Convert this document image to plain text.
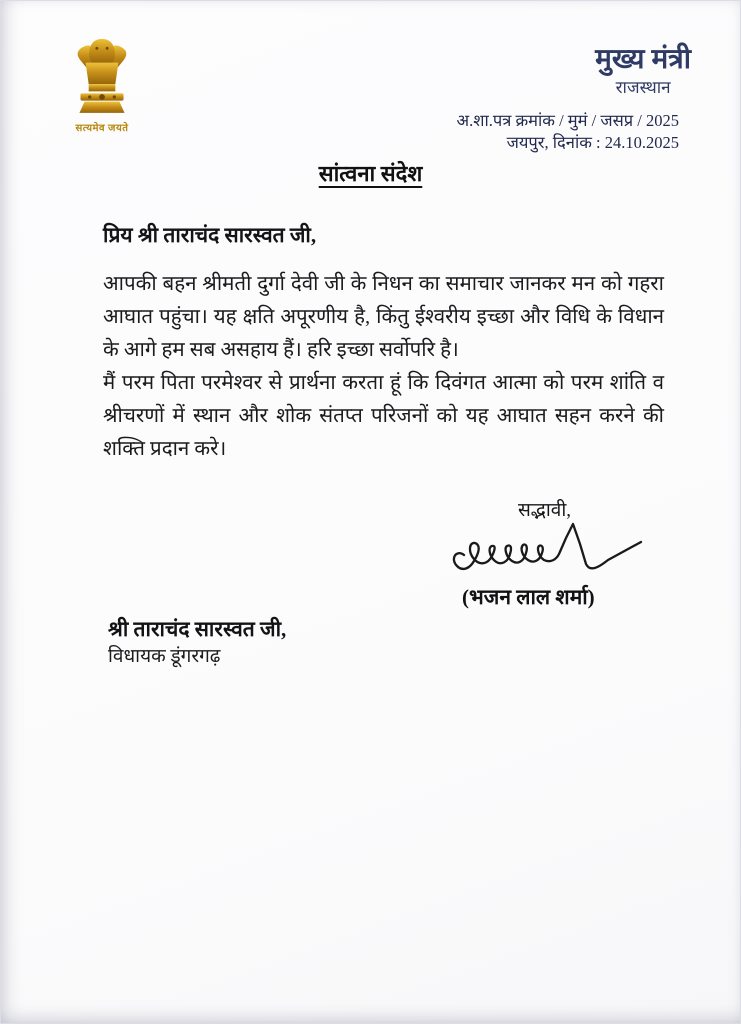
सत्यमेव जयते
मुख्य मंत्री
राजस्थान
अ.शा.पत्र क्रमांक / मुमं / जसप्र / 2025
जयपुर, दिनांक : 24.10.2025
सांत्वना संदेश
प्रिय श्री ताराचंद सारस्वत जी,

आपकी बहन श्रीमती दुर्गा देवी जी के निधन का समाचार जानकर मन को गहरा आघात पहुंचा। यह क्षति अपूरणीय है, किंतु ईश्वरीय इच्छा और विधि के विधान के आगे हम सब असहाय हैं। हरि इच्छा सर्वोपरि है।

मैं परम पिता परमेश्वर से प्रार्थना करता हूं कि दिवंगत आत्मा को परम शांति व श्रीचरणों में स्थान और शोक संतप्त परिजनों को यह आघात सहन करने की शक्ति प्रदान करे।

सद्भावी,
(भजन लाल शर्मा)
श्री ताराचंद सारस्वत जी,
विधायक डूंगरगढ़
